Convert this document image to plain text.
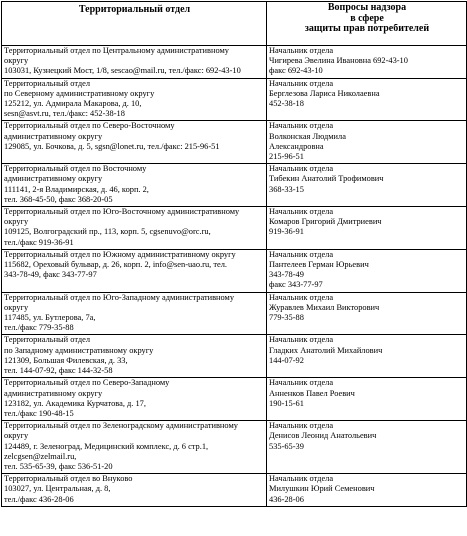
Территориальный отдел	Вопросы надзора
в сфере
защиты прав потребителей

Территориальный отдел по Центральному административному
округу
103031, Кузнецкий Мост, 1/8, sescao@mail.ru, тел./факс: 692-43-10	Начальник отдела
Чигирева Эвелина Ивановна 692-43-10
факс 692-43-10

Территориальный отдел
по Северному административному округу
125212, ул. Адмирала Макарова, д. 10,
sesn@asvt.ru, тел./факс: 452-38-18	Начальник отдела
Берглезова Лариса Николаевна
452-38-18

Территориальный отдел по Северо-Восточному
административному округу
129085, ул. Бочкова, д. 5, sgsn@lonet.ru, тел./факс: 215-96-51	Начальник отдела
Волконская Людмила
Александровна
215-96-51

Территориальный отдел по Восточному
административному округу
111141, 2-я Владимирская, д. 46, корп. 2,
тел. 368-45-50, факс 368-20-05	Начальник отдела
Тибекин Анатолий Трофимович
368-33-15

Территориальный отдел по Юго-Восточному административному
округу
109125, Волгоградский пр., 113, корп. 5, cgsenuvo@orc.ru,
тел./факс 919-36-91	Начальник отдела
Комаров Григорий Дмитриевич
919-36-91

Территориальный отдел по Южному административному округу
115682, Ореховый бульвар, д. 26, корп. 2, info@sen-uao.ru, тел.
343-78-49, факс 343-77-97	Начальник отдела
Пантелеев Герман Юрьевич
343-78-49
факс 343-77-97

Территориальный отдел по Юго-Западному административному
округу
117485, ул. Бутлерова, 7а,
тел./факс 779-35-88	Начальник отдела
Журавлев Михаил Викторович
779-35-88

Территориальный отдел
по Западному административному округу
121309, Большая Филевская, д. 33,
тел. 144-07-92, факс 144-32-58	Начальник отдела
Гладких Анатолий Михайлович
144-07-92

Территориальный отдел по Северо-Западному
административному округу
123182, ул. Академика Курчатова, д. 17,
тел./факс 190-48-15	Начальник отдела
Анненков Павел Роевич
190-15-61

Территориальный отдел по Зеленоградскому административному
округу
124489, г. Зеленоград, Медицинский комплекс, д. 6 стр.1,
zelcgsen@zelmail.ru,
тел. 535-65-39, факс 536-51-20	Начальник отдела
Денисов Леонид Анатольевич
535-65-39

Территориальный отдел во Внуково
103027, ул. Центральная, д. 8,
тел./факс 436-28-06	Начальник отдела
Милушкин Юрий Семенович
436-28-06
